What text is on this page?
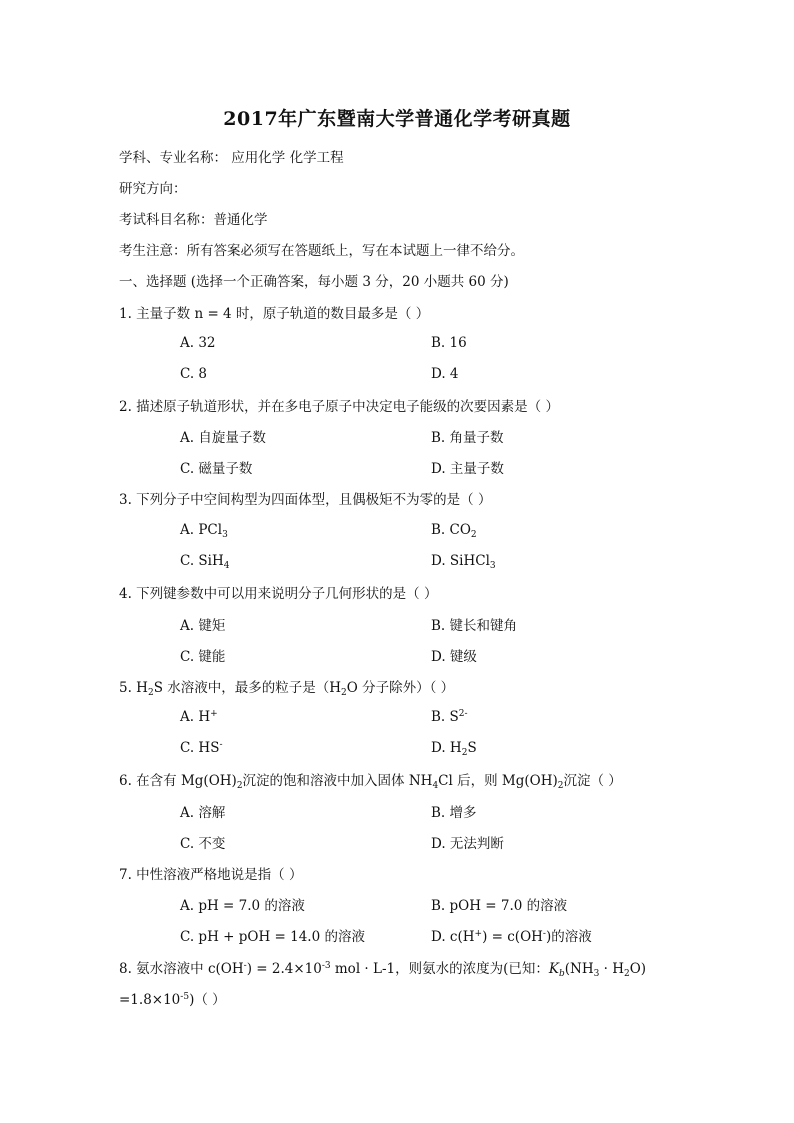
2017年广东暨南大学普通化学考研真题
学科、专业名称： 应用化学 化学工程
研究方向：
考试科目名称：普通化学
考生注意：所有答案必须写在答题纸上，写在本试题上一律不给分。
一、选择题 (选择一个正确答案，每小题 3 分，20 小题共 60 分)
1. 主量子数 n = 4 时，原子轨道的数目最多是（ ）
A. 32	B. 16
C. 8	D. 4
2. 描述原子轨道形状，并在多电子原子中决定电子能级的次要因素是（ ）
A. 自旋量子数	B. 角量子数
C. 磁量子数	D. 主量子数
3. 下列分子中空间构型为四面体型，且偶极矩不为零的是（ ）
A. PCl$_3$	B. $CO_2$
C. SiH$_4$	D. SiHCl$_3$
4. 下列键参数中可以用来说明分子几何形状的是（ ）
A. 键矩	B. 键长和键角
C. 键能	D. 键级
5. $H_2S$ 水溶液中，最多的粒子是（$H_2O$ 分子除外）（ ）
A. H+	B. $S^{2-}$
C. HS-	D. $H_2S$
6. 在含有 $Mg(OH)_2$沉淀的饱和溶液中加入固体 $NH_4Cl$ 后，则 $Mg(OH)_2$沉淀（ ）
A. 溶解	B. 增多
C. 不变	D. 无法判断
7. 中性溶液严格地说是指（ ）
A. pH = 7.0 的溶液	B. pOH = 7.0 的溶液
C. pH + pOH = 14.0 的溶液	D. c(H+) = c(OH-)的溶液
8. 氨水溶液中 $c(OH^-) = 2.4\times 10^{-3}$ mol · L-1，则氨水的浓度为(已知：$K_b(NH_3 \cdot H_2O)$
$=1.8\times 10^{-5}$)（ ）
